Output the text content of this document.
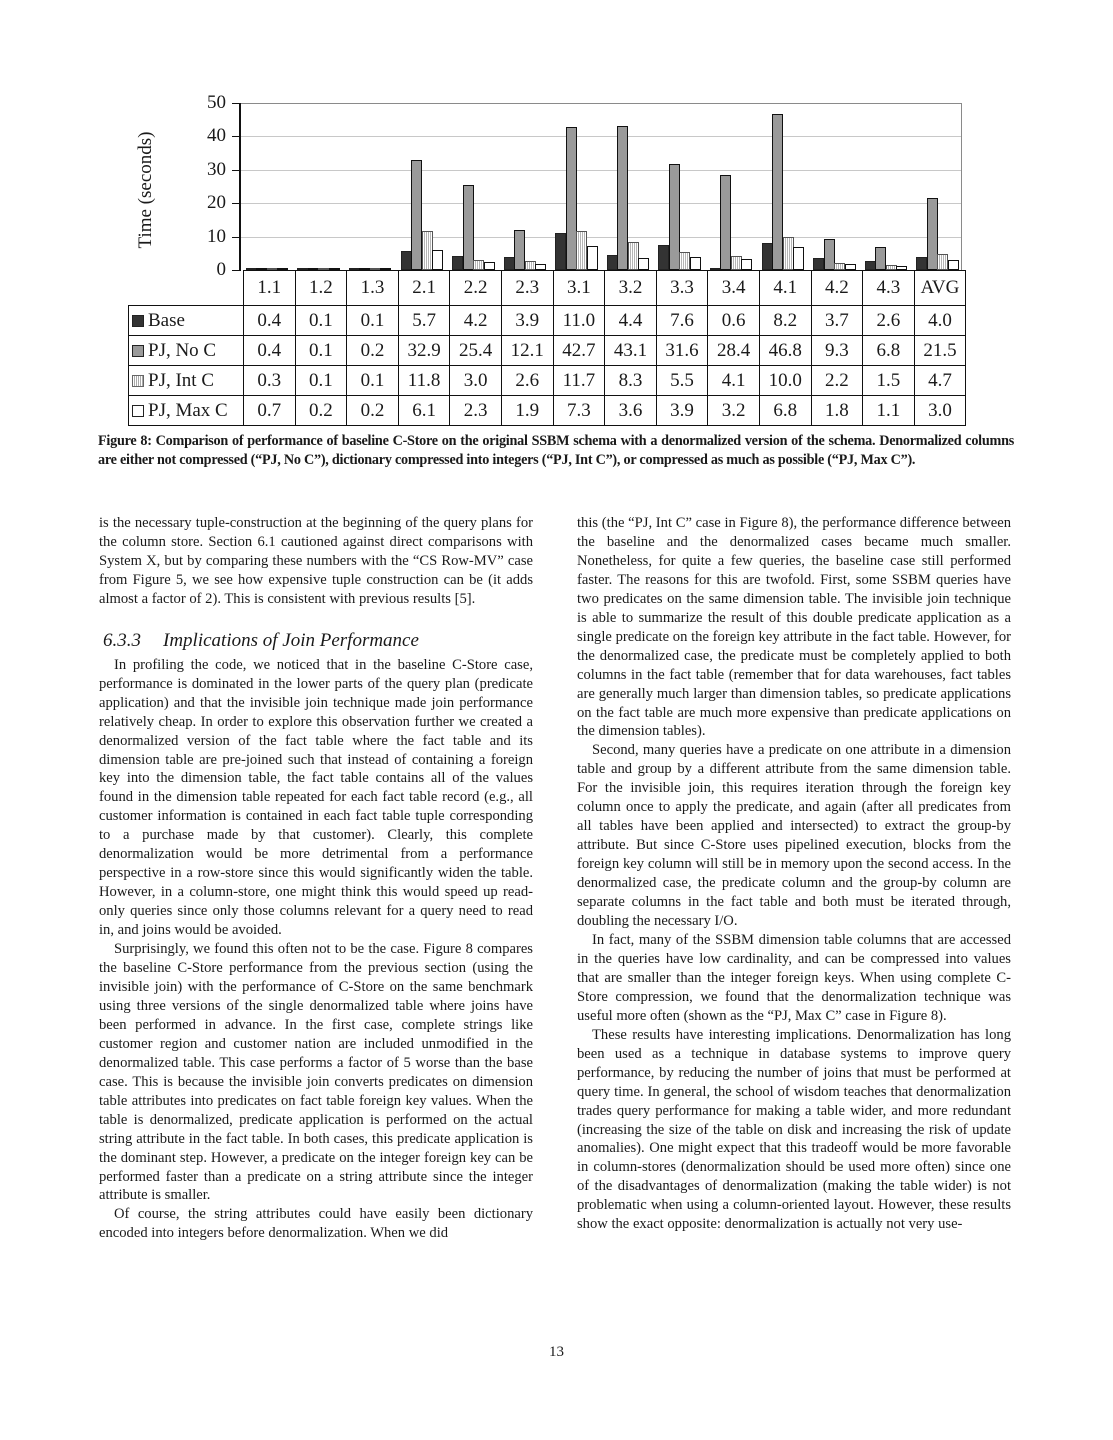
Time (seconds)
0
10
20
30
40
50
	1.1	1.2	1.3	2.1	2.2	2.3	3.1	3.2	3.3	3.4	4.1	4.2	4.3	AVG
Base	0.4	0.1	0.1	5.7	4.2	3.9	11.0	4.4	7.6	0.6	8.2	3.7	2.6	4.0
PJ, No C	0.4	0.1	0.2	32.9	25.4	12.1	42.7	43.1	31.6	28.4	46.8	9.3	6.8	21.5
PJ, Int C	0.3	0.1	0.1	11.8	3.0	2.6	11.7	8.3	5.5	4.1	10.0	2.2	1.5	4.7
PJ, Max C	0.7	0.2	0.2	6.1	2.3	1.9	7.3	3.6	3.9	3.2	6.8	1.8	1.1	3.0
Figure 8: Comparison of performance of baseline C-Store on the original SSBM schema with a denormalized version of the schema. Denormalized columns are either not compressed (“PJ, No C”), dictionary compressed into integers (“PJ, Int C”), or compressed as much as possible (“PJ, Max C”).

is the necessary tuple-construction at the beginning of the query plans for the column store. Section 6.1 cautioned against direct comparisons with System X, but by comparing these numbers with the “CS Row-MV” case from Figure 5, we see how expensive tuple construction can be (it adds almost a factor of 2). This is consistent with previous results [5].

6.3.3 Implications of Join Performance

In profiling the code, we noticed that in the baseline C-Store case, performance is dominated in the lower parts of the query plan (predicate application) and that the invisible join technique made join performance relatively cheap. In order to explore this observation further we created a denormalized version of the fact table where the fact table and its dimension table are pre-joined such that instead of containing a foreign key into the dimension table, the fact table contains all of the values found in the dimension table repeated for each fact table record (e.g., all customer information is contained in each fact table tuple corresponding to a purchase made by that customer). Clearly, this complete denormalization would be more detrimental from a performance perspective in a row-store since this would significantly widen the table. However, in a column-store, one might think this would speed up read-only queries since only those columns relevant for a query need to read in, and joins would be avoided.

Surprisingly, we found this often not to be the case. Figure 8 compares the baseline C-Store performance from the previous section (using the invisible join) with the performance of C-Store on the same benchmark using three versions of the single denormalized table where joins have been performed in advance. In the first case, complete strings like customer region and customer nation are included unmodified in the denormalized table. This case performs a factor of 5 worse than the base case. This is because the invisible join converts predicates on dimension table attributes into predicates on fact table foreign key values. When the table is denormalized, predicate application is performed on the actual string attribute in the fact table. In both cases, this predicate application is the dominant step. However, a predicate on the integer foreign key can be performed faster than a predicate on a string attribute since the integer attribute is smaller.

Of course, the string attributes could have easily been dictionary encoded into integers before denormalization. When we did

this (the “PJ, Int C” case in Figure 8), the performance difference between the baseline and the denormalized cases became much smaller. Nonetheless, for quite a few queries, the baseline case still performed faster. The reasons for this are twofold. First, some SSBM queries have two predicates on the same dimension table. The invisible join technique is able to summarize the result of this double predicate application as a single predicate on the foreign key attribute in the fact table. However, for the denormalized case, the predicate must be completely applied to both columns in the fact table (remember that for data warehouses, fact tables are generally much larger than dimension tables, so predicate applications on the fact table are much more expensive than predicate applications on the dimension tables).

Second, many queries have a predicate on one attribute in a dimension table and group by a different attribute from the same dimension table. For the invisible join, this requires iteration through the foreign key column once to apply the predicate, and again (after all predicates from all tables have been applied and intersected) to extract the group-by attribute. But since C-Store uses pipelined execution, blocks from the foreign key column will still be in memory upon the second access. In the denormalized case, the predicate column and the group-by column are separate columns in the fact table and both must be iterated through, doubling the necessary I/O.

In fact, many of the SSBM dimension table columns that are accessed in the queries have low cardinality, and can be compressed into values that are smaller than the integer foreign keys. When using complete C-Store compression, we found that the denormalization technique was useful more often (shown as the “PJ, Max C” case in Figure 8).

These results have interesting implications. Denormalization has long been used as a technique in database systems to improve query performance, by reducing the number of joins that must be performed at query time. In general, the school of wisdom teaches that denormalization trades query performance for making a table wider, and more redundant (increasing the size of the table on disk and increasing the risk of update anomalies). One might expect that this tradeoff would be more favorable in column-stores (denormalization should be used more often) since one of the disadvantages of denormalization (making the table wider) is not problematic when using a column-oriented layout. However, these results show the exact opposite: denormalization is actually not very use-

13
